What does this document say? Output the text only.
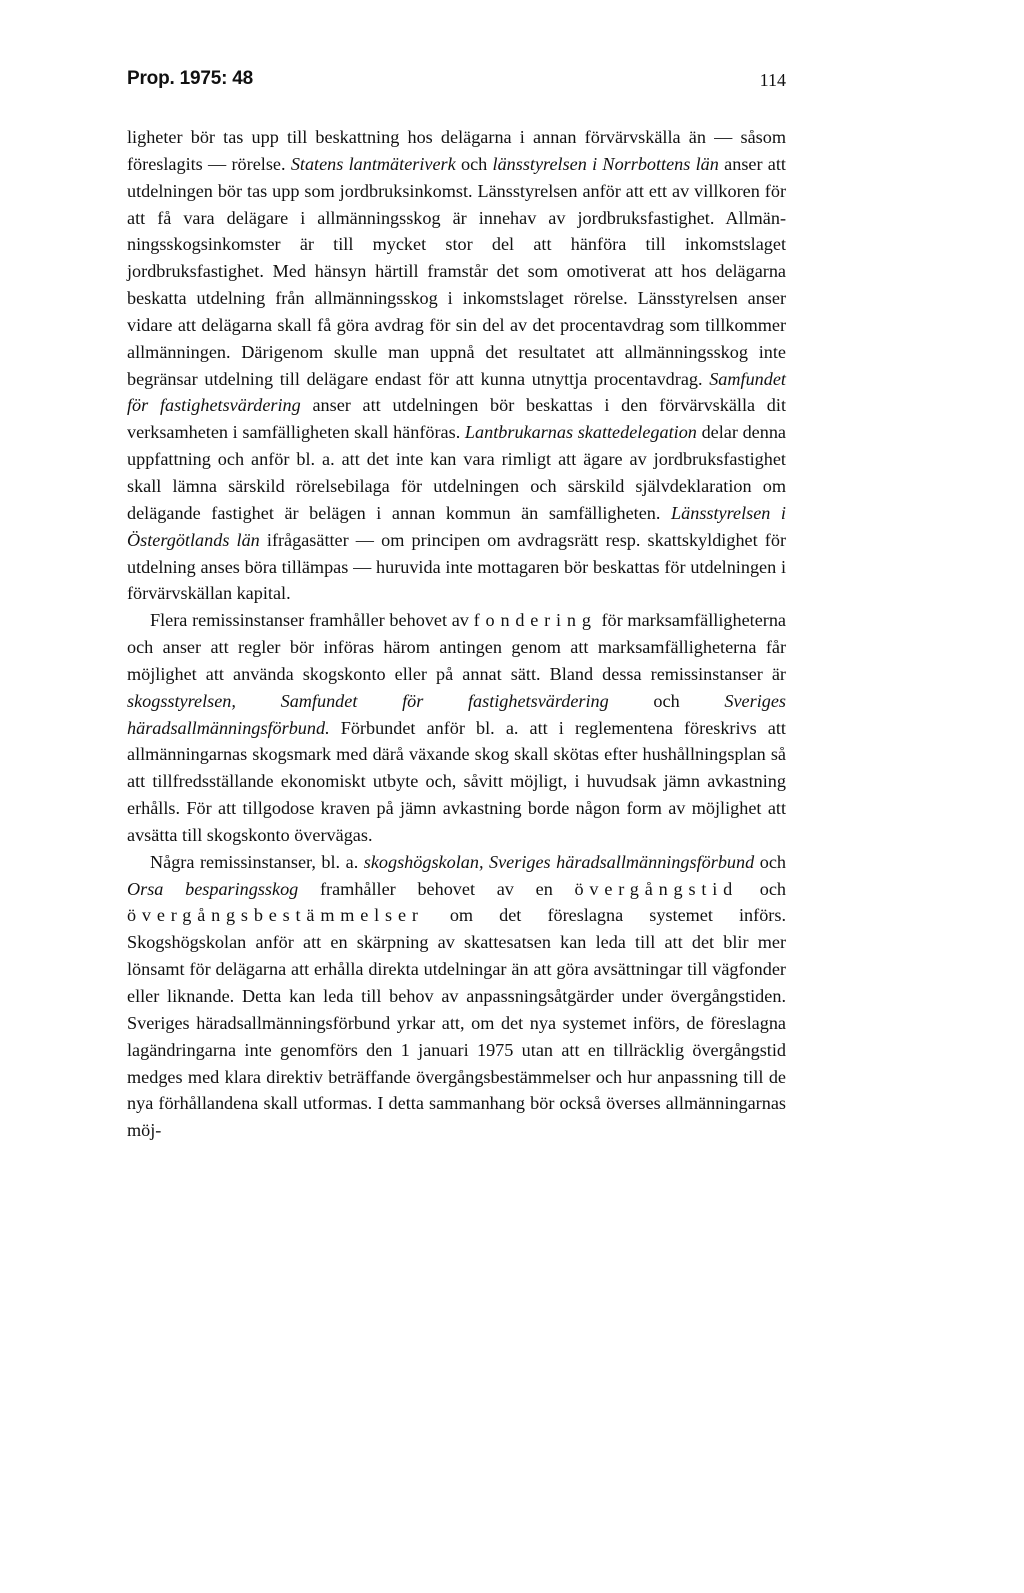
Prop. 1975: 48	114

ligheter bör tas upp till beskattning hos delägarna i annan förvärvskälla än — såsom föreslagits — rörelse. Statens lantmäteriverk och länsstyrelsen i Norrbottens län anser att utdelningen bör tas upp som jordbruksinkomst. Länsstyrelsen anför att ett av villkoren för att få vara delägare i allmänningsskog är innehav av jordbruksfastighet. Allmänningsskogsinkomster är till mycket stor del att hänföra till inkomstslaget jordbruksfastighet. Med hänsyn härtill framstår det som omotiverat att hos delägarna beskatta utdelning från allmänningsskog i inkomstslaget rörelse. Länsstyrelsen anser vidare att delägarna skall få göra avdrag för sin del av det procentavdrag som tillkommer allmänningen. Därigenom skulle man uppnå det resultatet att allmänningsskog inte begränsar utdelning till delägare endast för att kunna utnyttja procentavdrag. Samfundet för fastighetsvärdering anser att utdelningen bör beskattas i den förvärvskälla dit verksamheten i samfälligheten skall hänföras. Lantbrukarnas skattedelegation delar denna uppfattning och anför bl. a. att det inte kan vara rimligt att ägare av jordbruksfastighet skall lämna särskild rörelsebilaga för utdelningen och särskild självdeklaration om delägande fastighet är belägen i annan kommun än samfälligheten. Länsstyrelsen i Östergötlands län ifrågasätter — om principen om avdragsrätt resp. skattskyldighet för utdelning anses böra tillämpas — huruvida inte mottagaren bör beskattas för utdelningen i förvärvskällan kapital.

Flera remissinstanser framhåller behovet av fondering för marksamfälligheterna och anser att regler bör införas härom antingen genom att marksamfälligheterna får möjlighet att använda skogskonto eller på annat sätt. Bland dessa remissinstanser är skogsstyrelsen, Samfundet för fastighetsvärdering och Sveriges häradsallmänningsförbund. Förbundet anför bl. a. att i reglementena föreskrivs att allmänningarnas skogsmark med därå växande skog skall skötas efter hushållningsplan så att tillfredsställande ekonomiskt utbyte och, såvitt möjligt, i huvudsak jämn avkastning erhålls. För att tillgodose kraven på jämn avkastning borde någon form av möjlighet att avsätta till skogskonto övervägas.

Några remissinstanser, bl. a. skogshögskolan, Sveriges häradsallmänningsförbund och Orsa besparingsskog framhåller behovet av en övergångstid och övergångsbestämmelser om det föreslagna systemet införs. Skogshögskolan anför att en skärpning av skattesatsen kan leda till att det blir mer lönsamt för delägarna att erhålla direkta utdelningar än att göra avsättningar till vägfonder eller liknande. Detta kan leda till behov av anpassningsåtgärder under övergångstiden. Sveriges häradsallmänningsförbund yrkar att, om det nya systemet införs, de föreslagna lagändringarna inte genomförs den 1 januari 1975 utan att en tillräcklig övergångstid medges med klara direktiv beträffande övergångsbestämmelser och hur anpassning till de nya förhållandena skall utformas. I detta sammanhang bör också överses allmänningarnas möj-
